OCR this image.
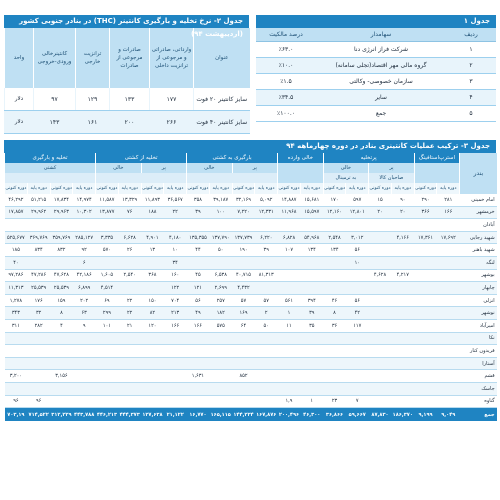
جدول ۱
ردیف	سهامدار	درصد مالکیت
۱	شرکت فراز انرژی دنا	٪۶۳.۰
۲	گروه مالی مهر اقتصاد(تجلی سامانه)	٪۱۰.۰
۳	سازمان خصوصی- وکالتی	٪۱.۵
۴	سایر	٪۳۴.۵
۵	جمع	٪۱۰۰.۰
جدول ۲- نرخ تخلیه و بارگیری کانتینر (THC) در بنادر جنوبی کشور (اردیبهشت ۹۴)
عنوان	وارداتی، صادراتی و مرجوعی از ترانزیت داخلی	صادرات و مرجوعی از صادرات	ترانزیت خارجی	کانتینرخالی ورودی-خروجی	واحد
سایز کانتینر ۲۰ فوت	۱۷۷	۱۳۳	۱۲۹	۹۷	دلار
سایز کانتینر ۴۰ فوت	۲۶۶	۲۰۰	۱۶۱	۱۴۳	دلار
جدول ۳- ترکیب عملیات کانتینری بنادر در دوره چهارماهه ۹۴
بندر	استرپ‌استافینگ		پرتخلیه				خالی وارده		بارگیری به کشتی				تخلیه از کشتی				تخلیه و بارگیری			
			پر		خالی				پر		خالی		پر		خالی		کشتی			
			صاحبان کالا		به ترمینال															
	دوره پایه	دوره کنونی	دوره پایه	دوره کنونی	دوره پایه	دوره کنونی	دوره پایه	دوره کنونی	دوره پایه	دوره کنونی	دوره پایه	دوره کنونی	دوره پایه	دوره کنونی	دوره پایه	دوره کنونی	دوره پایه	دوره کنونی	دوره پایه	دوره کنونی
امام خمینی	۲۸۱	۲۹۰	۹۰	۱۵	۵۹۷	۱۷۰	۱۵,۶۸۱	۱۴,۸۸۷	۵,۰۹۲	۳۲,۱۶۹	۳۹,۱۸۷	۳۵۸	۳۶,۵۶۷	۱۱,۸۹۳	۱۳,۳۲۹	۱۱,۵۸۷	۱۴,۹۷۴	۱۷,۸۳۴	۵۱,۲۱۵	۴۶,۲۹۲
خرمشهر	۱۶۶	۳۶۶	۲۰	۲۰	۱۲,۸۰۱	۱۲,۱۶۰	۱۵,۵۹۷	۱۱,۹۶۸	۱۲,۳۳۱	۷,۲۲۰	۱۰۰	۳۹	۲۲	۱۸۸	۷۶	۱۳,۸۷۷	۱۰,۳۰۲	۲۹,۹۶۳	۲۹,۹۶۲	۱۷,۸۵۷
آبادان																				
شهید رجایی	۱۷,۶۹۲	۱۷,۳۶۱	۴,۱۶۶		۳,۰۱۲	۲,۵۴۸	۵۴,۹۶۸	۶,۸۲۸	۶,۲۲۰	۱۳۷,۷۳۹	۱۳۷,۷۹۰	۱۳۵,۳۵۵	۴,۱۸۰	۴,۹۰۱	۶,۶۲۸	۳,۳۳۵	۲۸۵,۱۲۷	۳۵۹,۷۶۹	۳۶۹,۷۶۹	۵۲۵,۶۷۷
شهید باهنر					۵۶	۱۳۴	۱۳۴	۱۰۷	۳۹	۱۹۰	۵۰	۴۴	۱۰	۱۳	۲۶	۵۷۰	۹۲	۸۳۲	۸۳۴	۱۸۵
لنگه					۱۰								۳۴				۶			۴۰
بوشهر			۴,۲۱۷	۴,۶۲۸					۸۱,۳۱۳	۴۰,۷۱۵	۶,۵۳۸	۴۵	۱۶۰	۳۶۸	۲,۵۴۰	۱,۶۰۵	۴۲,۱۸۶	۴۷,۶۲۸	۴۷,۲۸۶	۹۷,۲۸۶
چابهار										۴,۴۳۲	۲,۶۹۹	۱۲۱	۱۲۲			۴,۵۱۴	۶,۸۹۹	۲۵,۵۳۹	۲۵,۵۳۹	۱۱,۳۱۳
انزلی					۵۶	۴۶	۳۹۴	۵۶۱	۵۷	۵۷	۲۵۷	۵۶	۷۰۴	۱۵۰	۲۲	۶۹	۲۰۲	۱۵۹	۱۷۶	۱,۲۷۸
نوشهر					۴۲	۸	۳۹	۱	۲	۱۶۹	۱۸۲	۴۹	۲۱۳	۸۲	۲۲	۲۹۹	۶۳	۸	۳۲	۳۴۳
امیرآباد					۱۱۷	۳۶	۳۵	۱۱	۵۰	۶۴	۵۷۵	۱۶۶	۱۶۶	۱۲۰	۲۱	۱۰۱	۹	۴	۲۸۲	۳۱۱
نکا																				
فریدون کنار																				
آستارا																				
قشم										۸۵۲		۱,۶۳۱						۳,۱۵۶		۳,۲۰۰
جاسک																				
گناوه					۷	۲۳	۱	۱,۹											۹۶	۹۶
جمع	۹,۰۴۹	۹,۱۹۹	۱۸۶,۳۷۰	۸۷,۸۳۰	۵۹,۶۶۷	۳۶,۸۶۶	۴۶,۳۰۰	۲۰۰,۴۹۶	۱۶۷,۸۷۶	۱۴۴,۲۲۴	۱۶۵,۱۱۵	۱۶,۷۷۰	۲۱,۱۲۲	۱۲۷,۶۳۸	۴۴۴,۳۷۳	۴۴۶,۲۱۳	۴۴۳,۷۸۸	۳۱۲,۲۲۹	۷۱۴,۵۲۲	۷۰۳,۱۹
